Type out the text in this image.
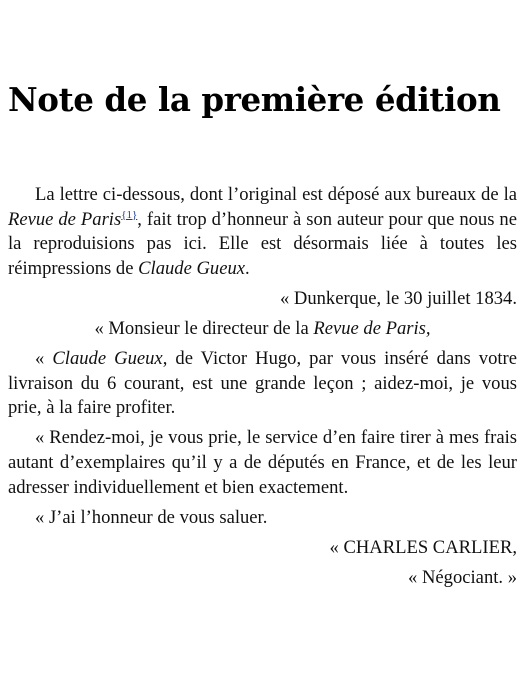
Note de la première édition

La lettre ci-dessous, dont l’original est déposé aux bureaux de la Revue de Paris$^{\{1\}}$, fait trop d’honneur à son auteur pour que nous ne la reproduisions pas ici. Elle est désormais liée à toutes les réimpressions de Claude Gueux.

« Dunkerque, le 30 juillet 1834.

« Monsieur le directeur de la Revue de Paris,

« Claude Gueux, de Victor Hugo, par vous inséré dans votre livraison du 6 courant, est une grande leçon ; aidez-moi, je vous prie, à la faire profiter.

« Rendez-moi, je vous prie, le service d’en faire tirer à mes frais autant d’exemplaires qu’il y a de députés en France, et de les leur adresser individuellement et bien exactement.

« J’ai l’honneur de vous saluer.

« CHARLES CARLIER,

« Négociant. »
